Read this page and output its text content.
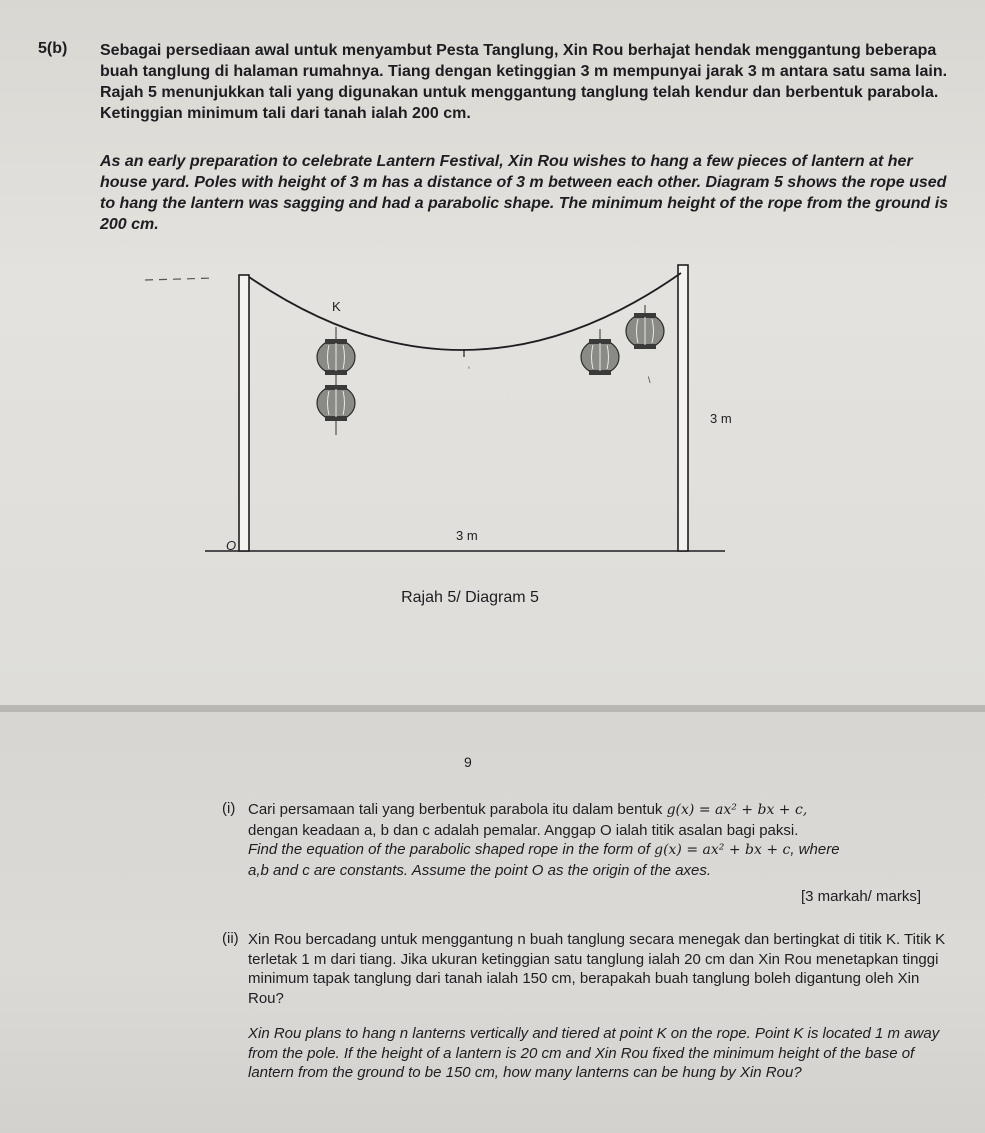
5(b) Sebagai persediaan awal untuk menyambut Pesta Tanglung, Xin Rou berhajat hendak menggantung beberapa buah tanglung di halaman rumahnya. Tiang dengan ketinggian 3 m mempunyai jarak 3 m antara satu sama lain. Rajah 5 menunjukkan tali yang digunakan untuk menggantung tanglung telah kendur dan berbentuk parabola. Ketinggian minimum tali dari tanah ialah 200 cm.
As an early preparation to celebrate Lantern Festival, Xin Rou wishes to hang a few pieces of lantern at her house yard. Poles with height of 3 m has a distance of 3 m between each other. Diagram 5 shows the rope used to hang the lantern was sagging and had a parabolic shape. The minimum height of the rope from the ground is 200 cm.
‘
\
K
3 m
3 m
O
Rajah 5/ Diagram 5
9
(i) Cari persamaan tali yang berbentuk parabola itu dalam bentuk g(x) = ax² + bx + c,
dengan keadaan a, b dan c adalah pemalar. Anggap O ialah titik asalan bagi paksi.
Find the equation of the parabolic shaped rope in the form of g(x) = ax² + bx + c, where
a,b and c are constants. Assume the point O as the origin of the axes.
[3 markah/ marks]
(ii) Xin Rou bercadang untuk menggantung n buah tanglung secara menegak dan bertingkat di titik K. Titik K terletak 1 m dari tiang. Jika ukuran ketinggian satu tanglung ialah 20 cm dan Xin Rou menetapkan tinggi minimum tapak tanglung dari tanah ialah 150 cm, berapakah buah tanglung boleh digantung oleh Xin Rou?
Xin Rou plans to hang n lanterns vertically and tiered at point K on the rope. Point K is located 1 m away from the pole. If the height of a lantern is 20 cm and Xin Rou fixed the minimum height of the base of lantern from the ground to be 150 cm, how many lanterns can be hung by Xin Rou?
